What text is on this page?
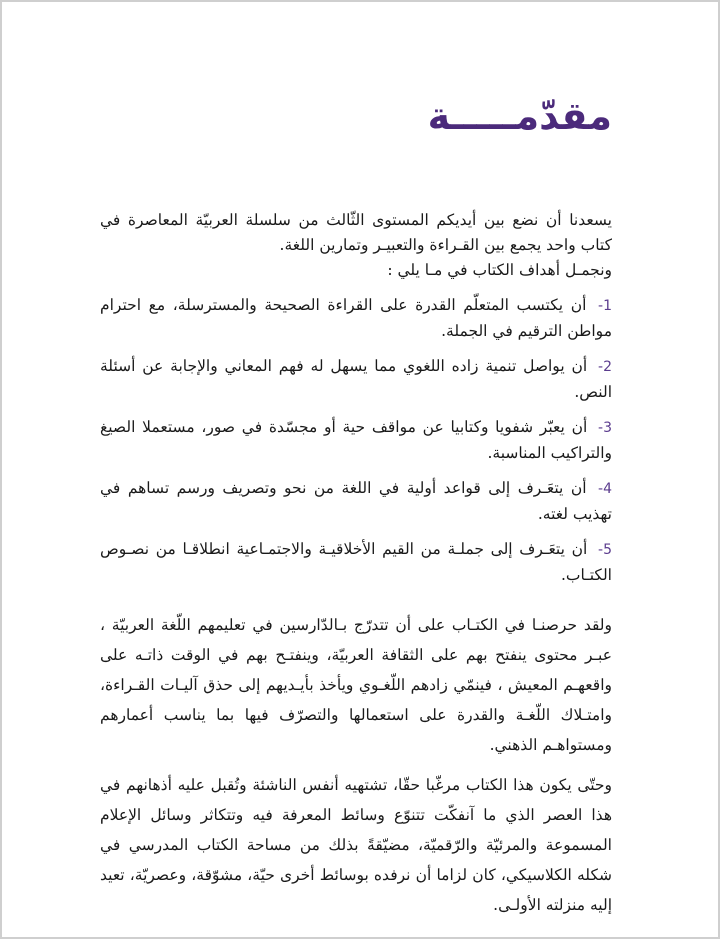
مقدّمـــــة

يسعدنا أن نضع بين أيديكم المستوى الثّالث من سلسلة العربيّة المعاصرة في كتاب واحد يجمع بين القـراءة والتعبيـر وتمارين اللغة.

ونجمـل أهداف الكتاب في مـا يلي :

1- أن يكتسب المتعلّم القدرة على القراءة الصحيحة والمسترسلة، مع احترام مواطن الترقيم في الجملة.
2- أن يواصل تنمية زاده اللغوي مما يسهل له فهم المعاني والإجابة عن أسئلة النص.
3- أن يعبّر شفويا وكتابيا عن مواقف حية أو مجسّدة في صور، مستعملا الصيغ والتراكيب المناسبة.
4- أن يتعَـرف إلى قواعد أولية في اللغة من نحو وتصريف ورسم تساهم في تهذيب لغته.
5- أن يتعَـرف إلى جملـة من القيم الأخلاقيـة والاجتمـاعية انطلاقـا من نصـوص الكتـاب.

ولقد حرصنـا في الكتـاب على أن تتدرّج بـالدّارسين في تعليمهم اللّغة العربيّة ، عبـر محتوى ينفتح بهم على الثقافة العربيّة، وينفتـح بهم في الوقت ذاتـه على واقعهـم المعيش ، فينمّي زادهم اللّغـوي ويأخذ بأيـديهم إلى حذق آليـات القـراءة، وامتـلاك اللّغـة والقدرة على استعمالها والتصرّف فيها بما يناسب أعمارهم ومستواهـم الذهني.

وحتّى يكون هذا الكتاب مرغّبا حقّا، تشتهيه أنفس الناشئة وتُقبل عليه أذهانهم في هذا العصر الذي ما آنفكّت تتنوّع وسائط المعرفة فيه وتتكاثر وسائل الإعلام المسموعة والمرئيّة والرّقميّة، مضيّقةً بذلك من مساحة الكتاب المدرسي في شكله الكلاسيكي، كان لزاما أن نرفده بوسائط أخرى حيّة، مشوّقة، وعصريّة، تعيد إليه منزلته الأولـى.
